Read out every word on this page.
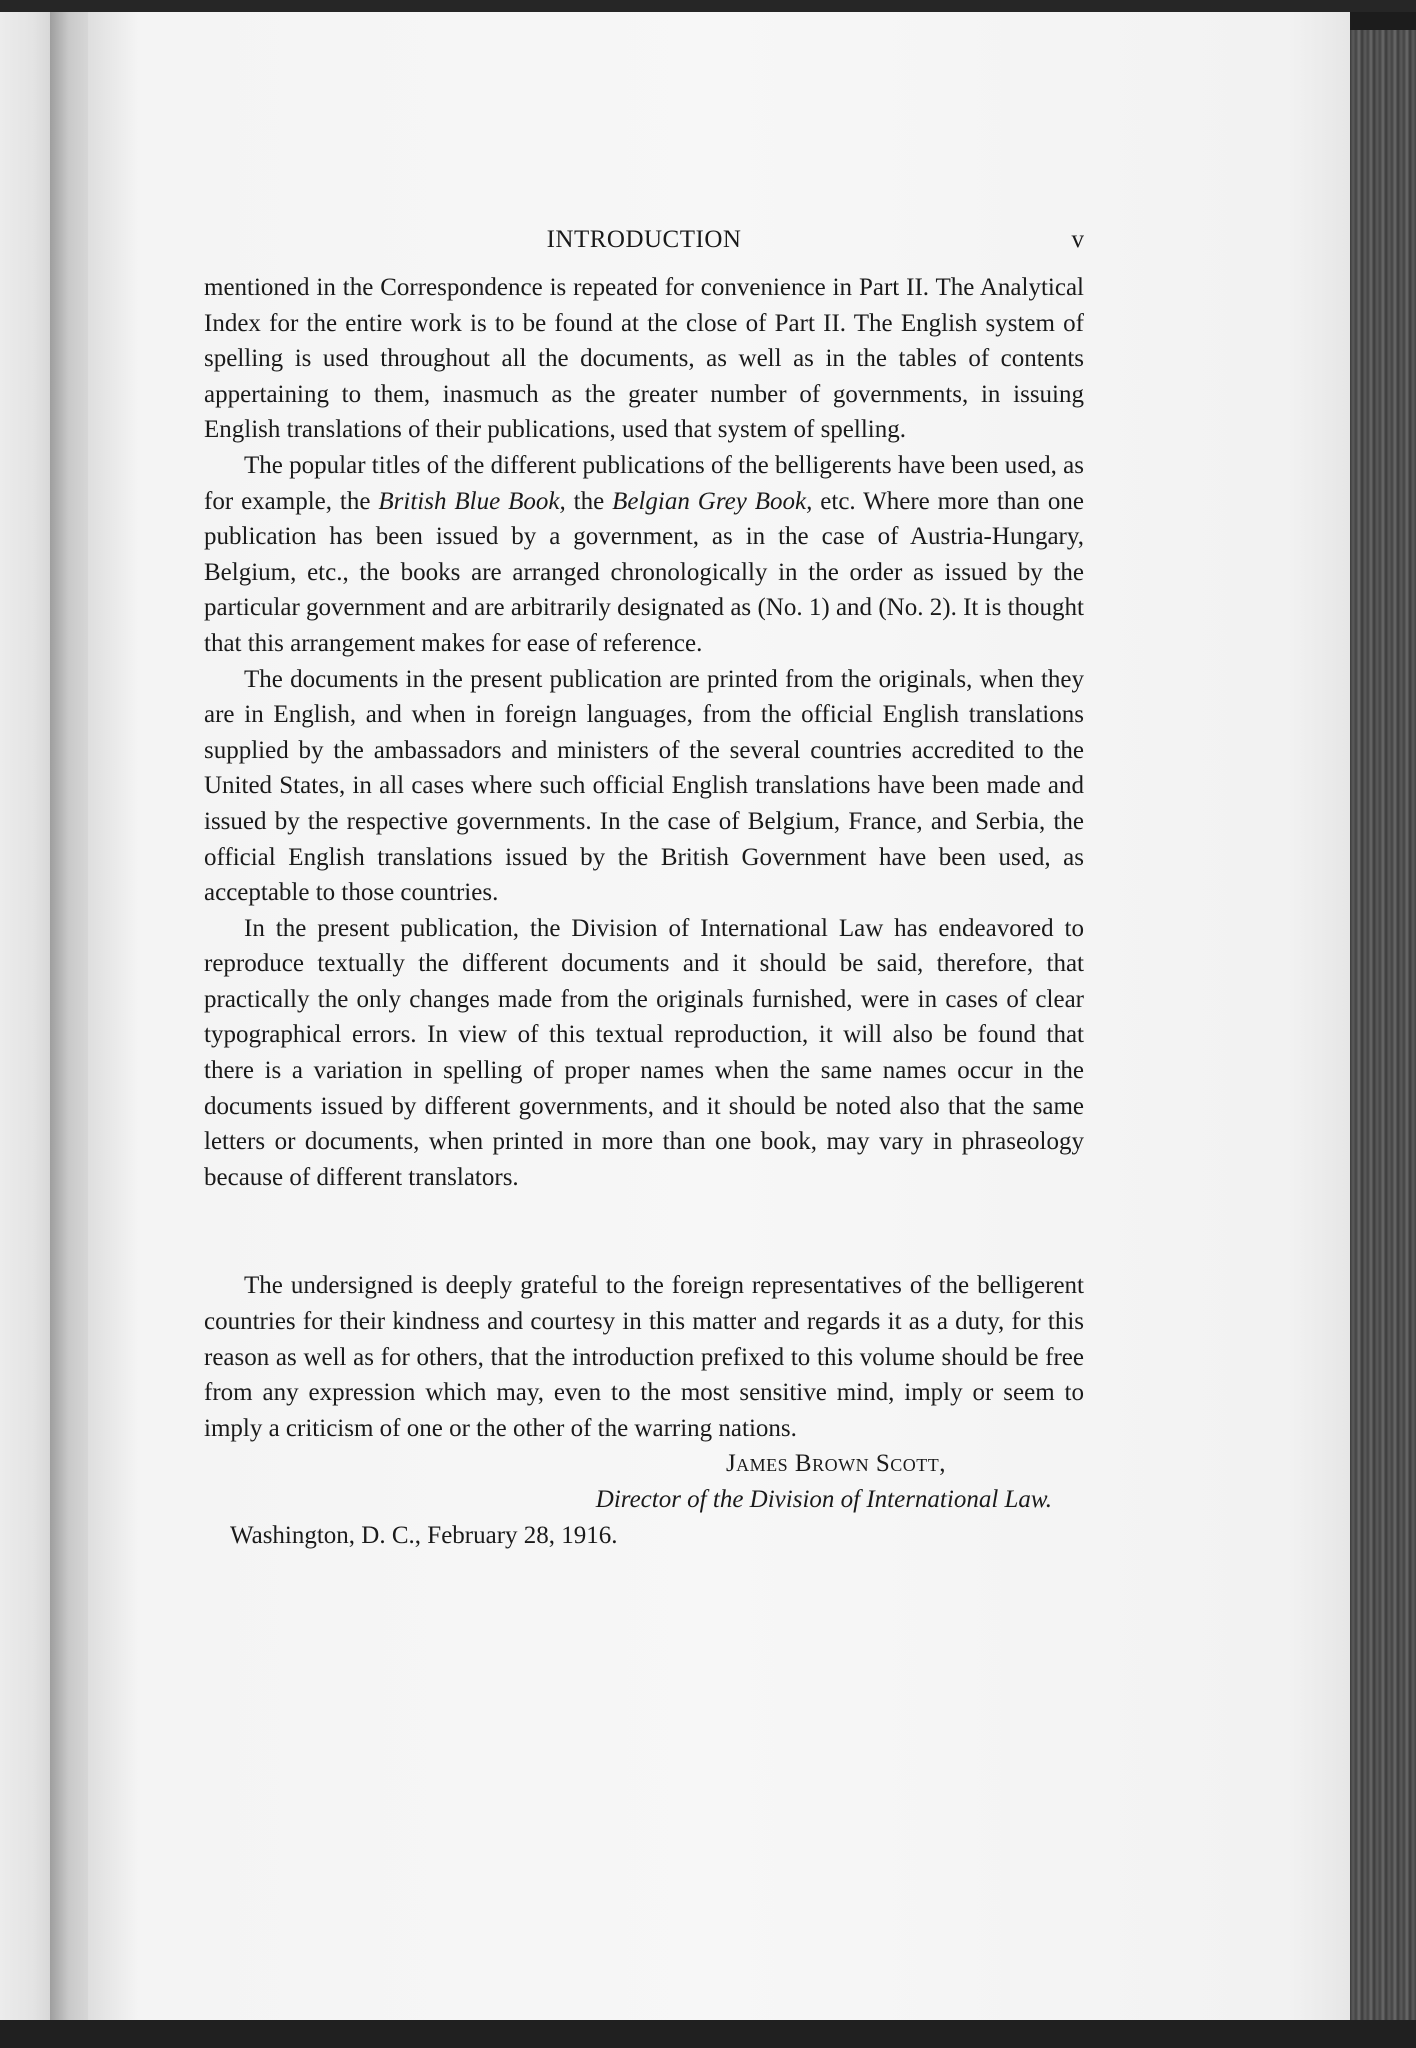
INTRODUCTION	v

mentioned in the Correspondence is repeated for convenience in Part II. The Analytical Index for the entire work is to be found at the close of Part II. The English system of spelling is used throughout all the documents, as well as in the tables of contents appertaining to them, inasmuch as the greater number of governments, in issuing English translations of their publications, used that system of spelling.

The popular titles of the different publications of the belligerents have been used, as for example, the British Blue Book, the Belgian Grey Book, etc. Where more than one publication has been issued by a government, as in the case of Austria-Hungary, Belgium, etc., the books are arranged chronologically in the order as issued by the particular government and are arbitrarily designated as (No. 1) and (No. 2). It is thought that this arrangement makes for ease of reference.

The documents in the present publication are printed from the originals, when they are in English, and when in foreign languages, from the official English translations supplied by the ambassadors and ministers of the several countries accredited to the United States, in all cases where such official English translations have been made and issued by the respective governments. In the case of Belgium, France, and Serbia, the official English translations issued by the British Government have been used, as acceptable to those countries.

In the present publication, the Division of International Law has endeavored to reproduce textually the different documents and it should be said, therefore, that practically the only changes made from the originals furnished, were in cases of clear typographical errors. In view of this textual reproduction, it will also be found that there is a variation in spelling of proper names when the same names occur in the documents issued by different governments, and it should be noted also that the same letters or documents, when printed in more than one book, may vary in phraseology because of different translators.

The undersigned is deeply grateful to the foreign representatives of the belligerent countries for their kindness and courtesy in this matter and regards it as a duty, for this reason as well as for others, that the introduction prefixed to this volume should be free from any expression which may, even to the most sensitive mind, imply or seem to imply a criticism of one or the other of the warring nations.

James Brown Scott,
Director of the Division of International Law.
Washington, D. C., February 28, 1916.
